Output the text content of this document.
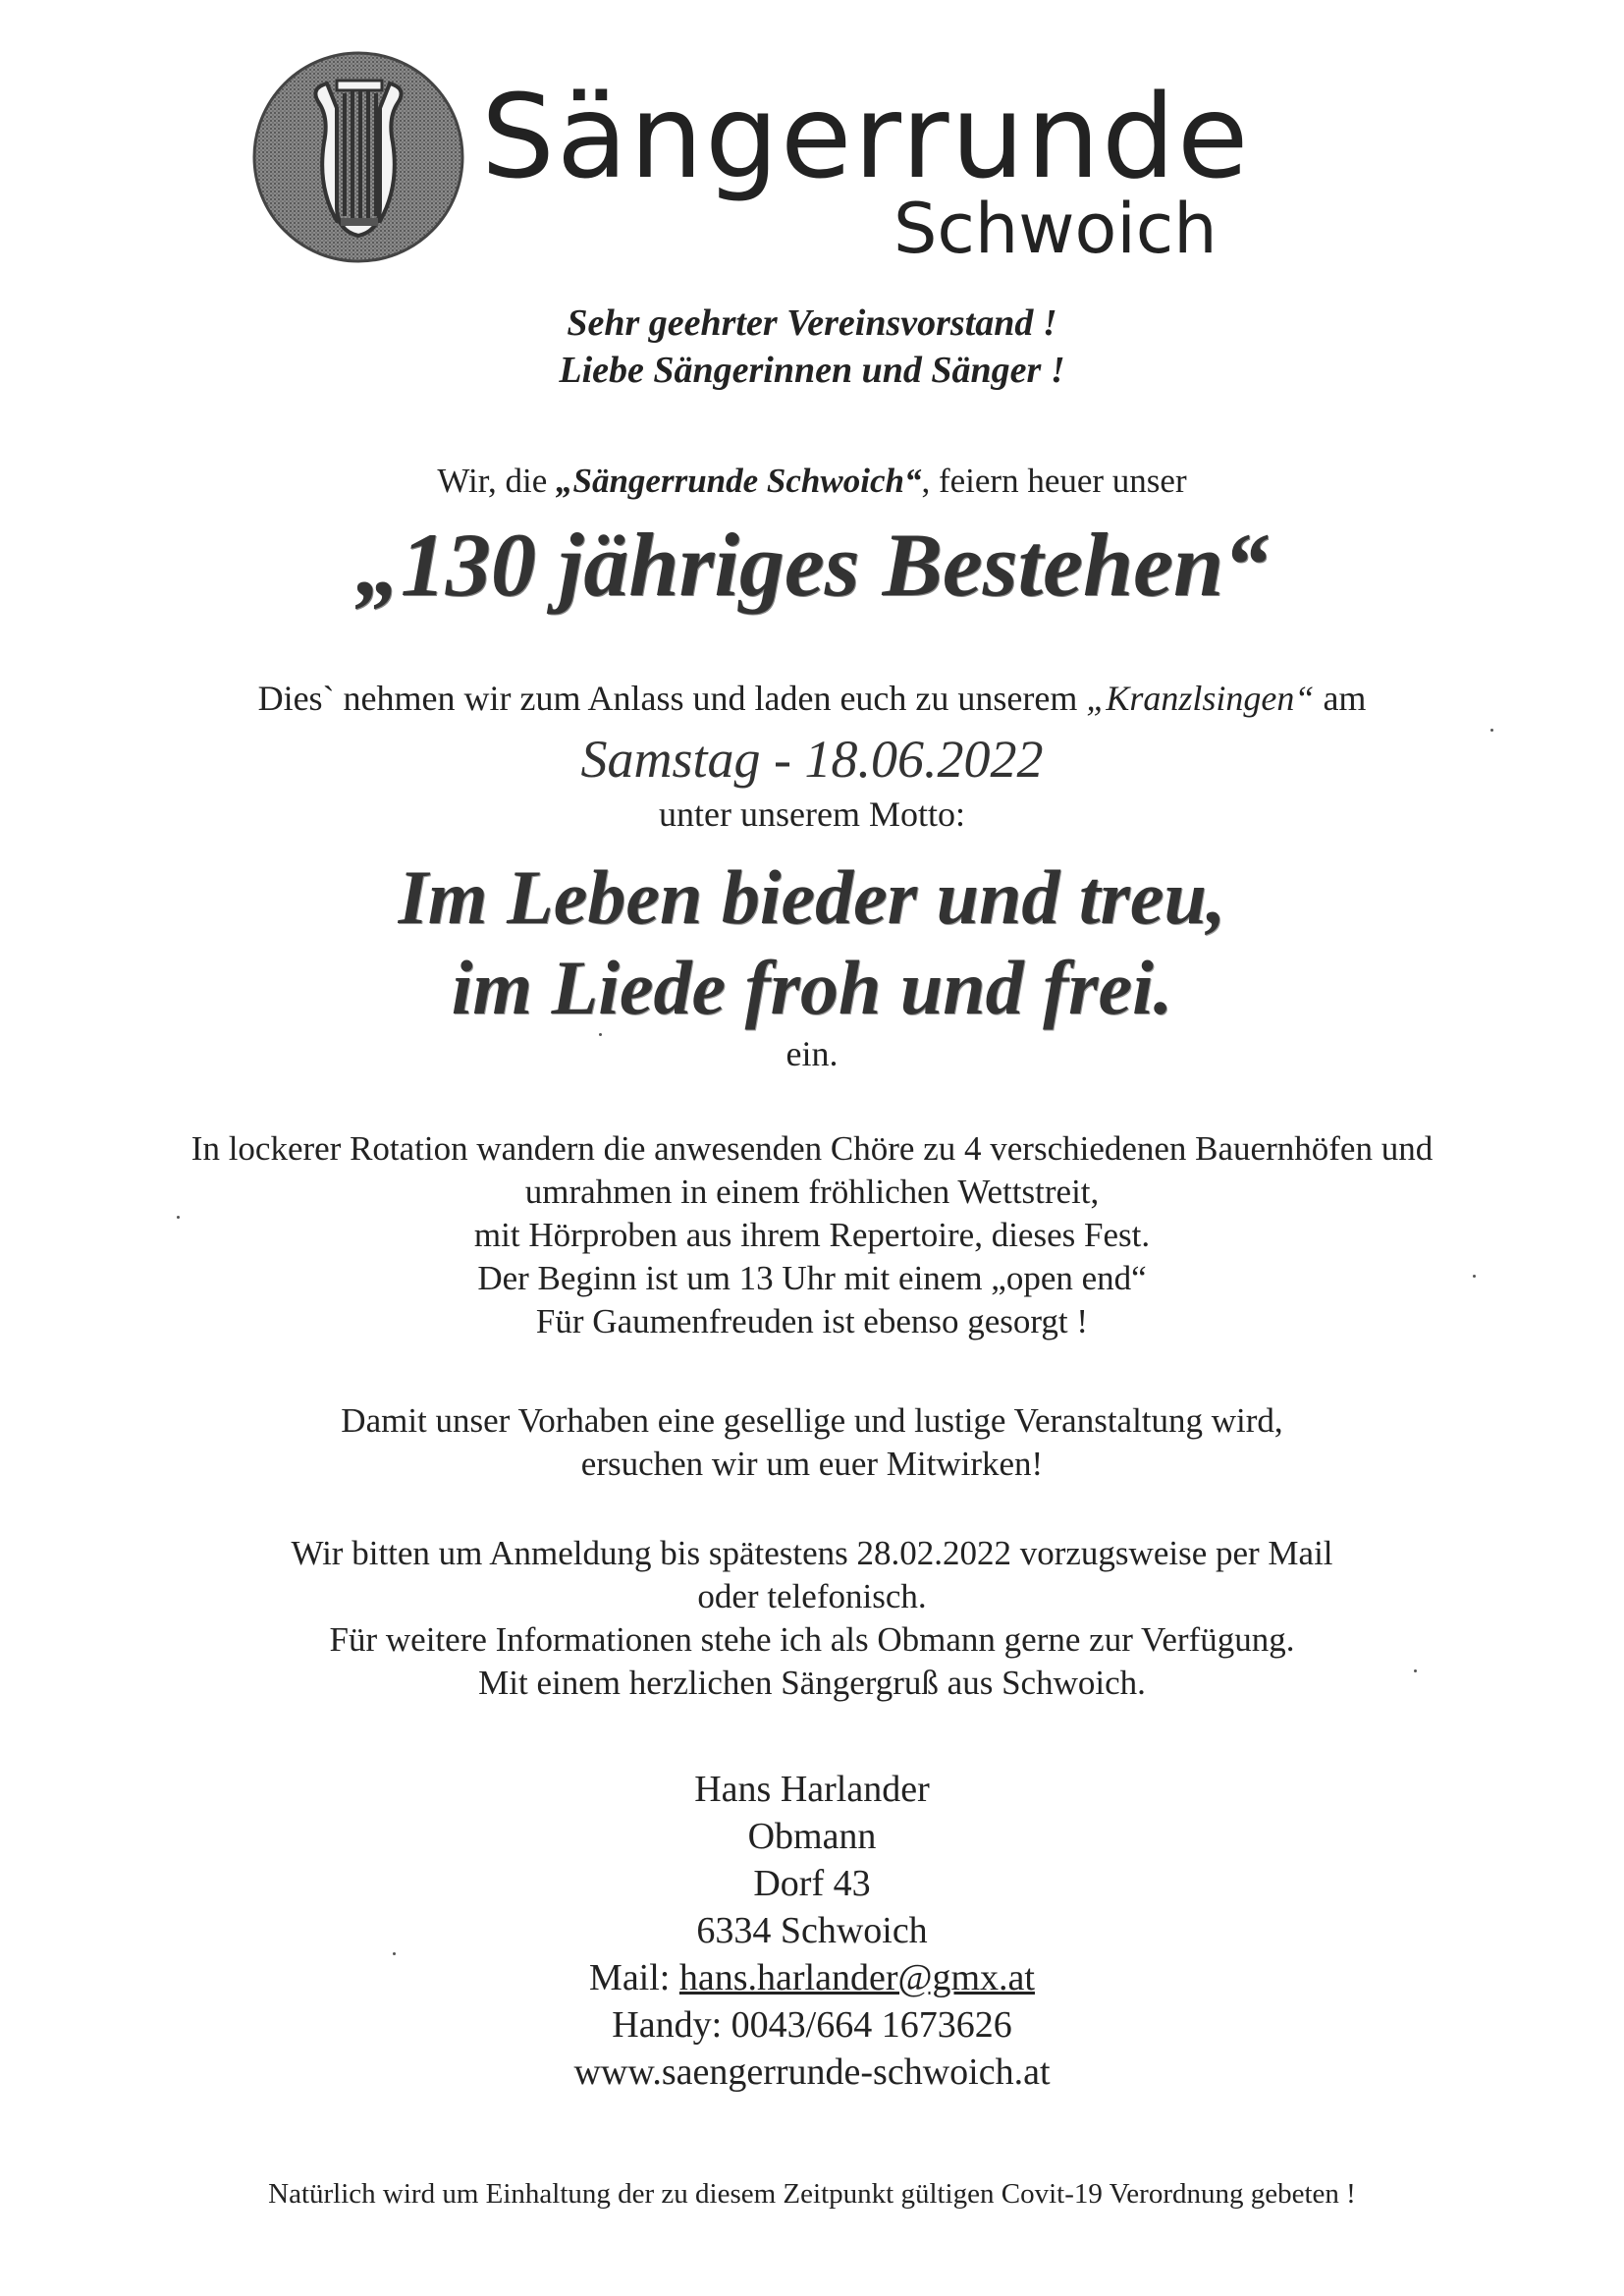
Sängerrunde
Schwoich
Sehr geehrter Vereinsvorstand !
Liebe Sängerinnen und Sänger !
Wir, die „Sängerrunde Schwoich“, feiern heuer unser
„130 jähriges Bestehen“
Dies` nehmen wir zum Anlass und laden euch zu unserem „Kranzlsingen“ am
Samstag - 18.06.2022
unter unserem Motto:
Im Leben bieder und treu,
im Liede froh und frei.
ein.
In lockerer Rotation wandern die anwesenden Chöre zu 4 verschiedenen Bauernhöfen und
umrahmen in einem fröhlichen Wettstreit,
mit Hörproben aus ihrem Repertoire, dieses Fest.
Der Beginn ist um 13 Uhr mit einem „open end“
Für Gaumenfreuden ist ebenso gesorgt !
Damit unser Vorhaben eine gesellige und lustige Veranstaltung wird,
ersuchen wir um euer Mitwirken!
Wir bitten um Anmeldung bis spätestens 28.02.2022 vorzugsweise per Mail
oder telefonisch.
Für weitere Informationen stehe ich als Obmann gerne zur Verfügung.
Mit einem herzlichen Sängergruß aus Schwoich.
Hans Harlander
Obmann
Dorf 43
6334 Schwoich
Mail: hans.harlander@gmx.at
Handy: 0043/664 1673626
www.saengerrunde-schwoich.at
Natürlich wird um Einhaltung der zu diesem Zeitpunkt gültigen Covit-19 Verordnung gebeten !
